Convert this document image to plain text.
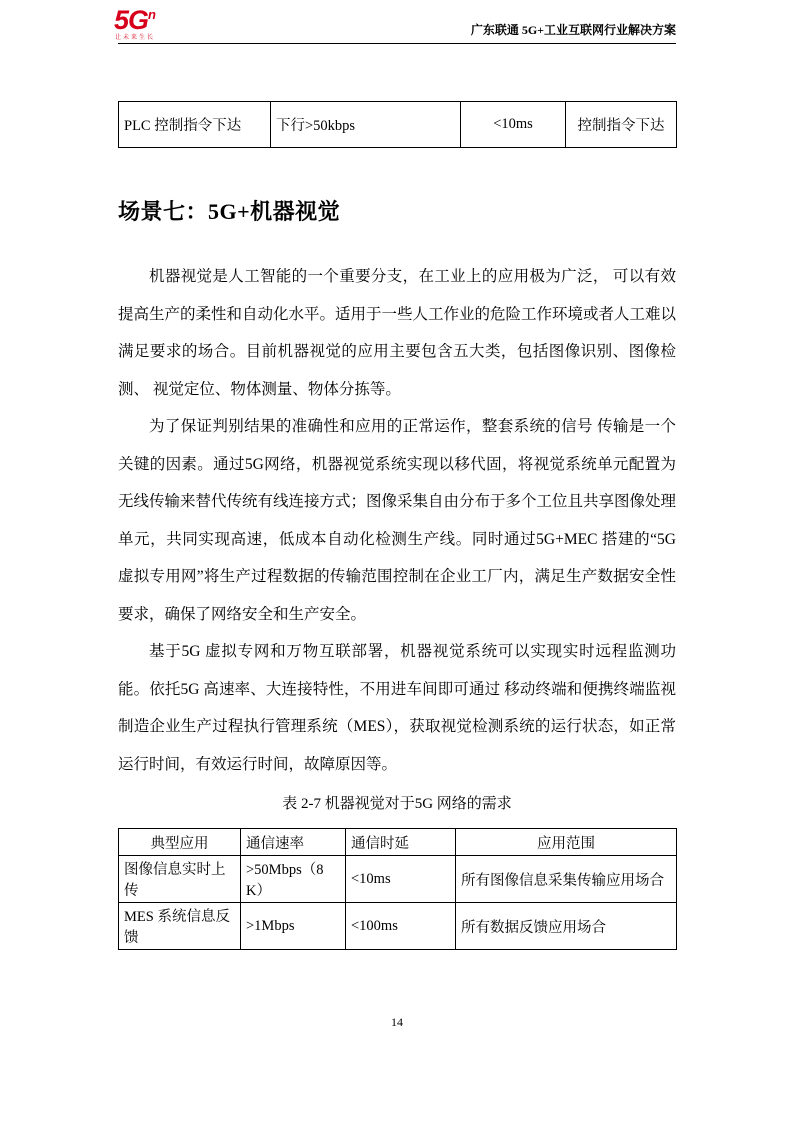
$5G^n$
让未来生长
广东联通 5G+工业互联网行业解决方案
PLC 控制指令下达	下行>50kbps	<10ms	控制指令下达
场景七：5G+机器视觉

机器视觉是人工智能的一个重要分支，在工业上的应用极为广泛， 可以有效提高生产的柔性和自动化水平。适用于一些人工作业的危险工作环境或者人工难以满足要求的场合。目前机器视觉的应用主要包含五大类，包括图像识别、图像检测、 视觉定位、物体测量、物体分拣等。

为了保证判别结果的准确性和应用的正常运作，整套系统的信号 传输是一个关键的因素。通过5G网络，机器视觉系统实现以移代固，将视觉系统单元配置为无线传输来替代传统有线连接方式；图像采集自由分布于多个工位且共享图像处理单元，共同实现高速，低成本自动化检测生产线。同时通过5G+MEC 搭建的“5G 虚拟专用网”将生产过程数据的传输范围控制在企业工厂内，满足生产数据安全性要求，确保了网络安全和生产安全。

基于5G 虚拟专网和万物互联部署，机器视觉系统可以实现实时远程监测功能。依托5G 高速率、大连接特性，不用进车间即可通过 移动终端和便携终端监视制造企业生产过程执行管理系统（MES），获取视觉检测系统的运行状态，如正常运行时间，有效运行时间，故障原因等。

表 2-7 机器视觉对于5G 网络的需求
典型应用	通信速率	通信时延	应用范围
图像信息实时上传	>50Mbps（8K）	<10ms	所有图像信息采集传输应用场合
MES 系统信息反馈	>1Mbps	<100ms	所有数据反馈应用场合
14
